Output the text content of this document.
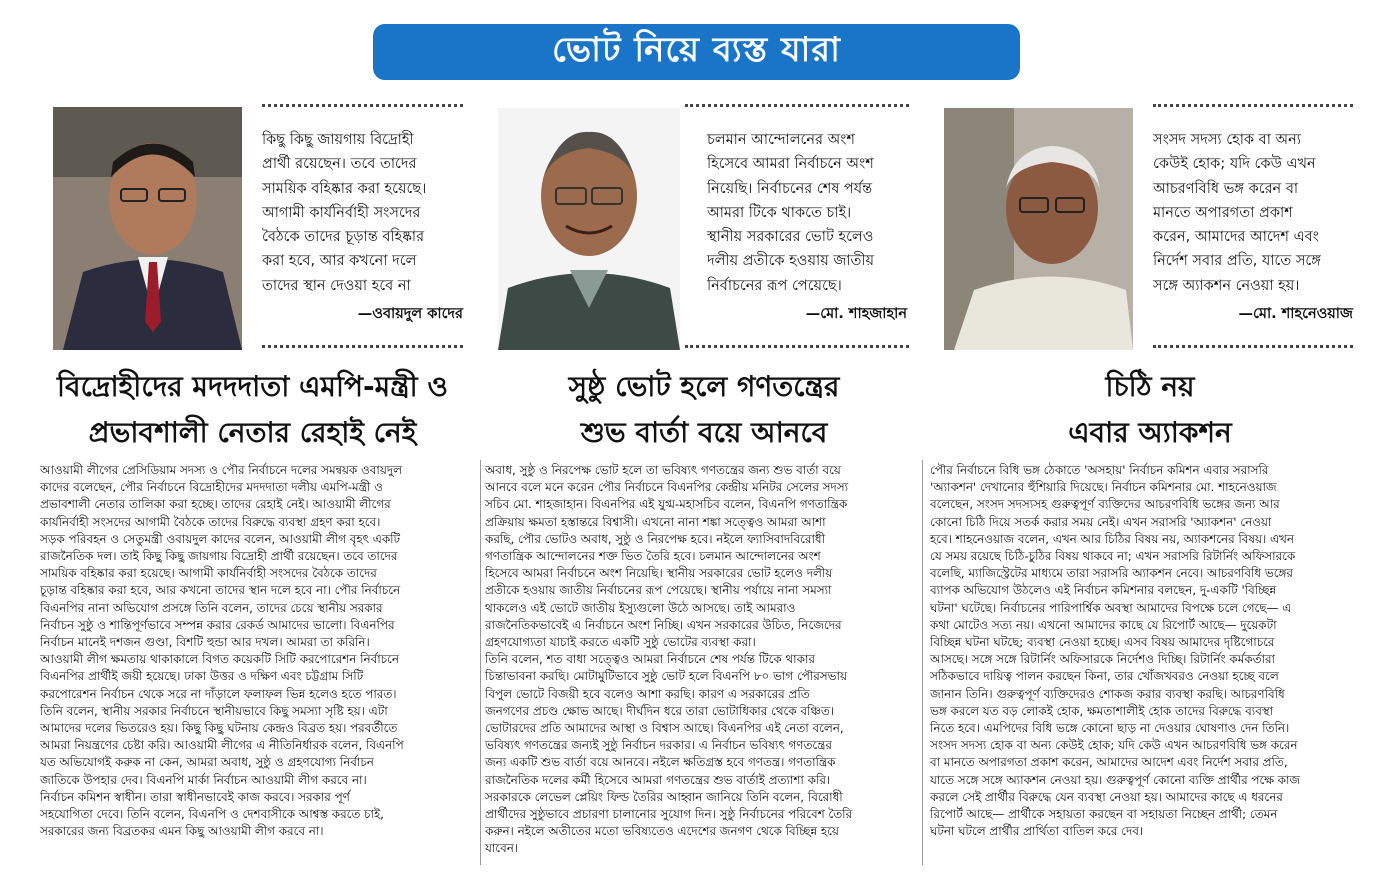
ভোট নিয়ে ব্যস্ত যারা
কিছু কিছু জায়গায় বিদ্রোহী
প্রার্থী রয়েছেন। তবে তাদের
সাময়িক বহিষ্কার করা হয়েছে।
আগামী কার্যনির্বাহী সংসদের
বৈঠকে তাদের চূড়ান্ত বহিষ্কার
করা হবে, আর কখনো দলে
তাদের স্থান দেওয়া হবে না
—ওবায়দুল কাদের
বিদ্রোহীদের মদদদাতা এমপি-মন্ত্রী ও
প্রভাবশালী নেতার রেহাই নেই
আওয়ামী লীগের প্রেসিডিয়াম সদস্য ও পৌর নির্বাচনে দলের সমন্বয়ক ওবায়দুল
কাদের বলেছেন, পৌর নির্বাচনে বিদ্রোহীদের মদদদাতা দলীয় এমপি-মন্ত্রী ও
প্রভাবশালী নেতার তালিকা করা হচ্ছে। তাদের রেহাই নেই। আওয়ামী লীগের
কার্যনির্বাহী সংসদের আগামী বৈঠকে তাদের বিরুদ্ধে ব্যবস্থা গ্রহণ করা হবে।
সড়ক পরিবহন ও সেতুমন্ত্রী ওবায়দুল কাদের বলেন, আওয়ামী লীগ বৃহৎ একটি
রাজনৈতিক দল। তাই কিছু কিছু জায়গায় বিদ্রোহী প্রার্থী রয়েছেন। তবে তাদের
সাময়িক বহিষ্কার করা হয়েছে। আগামী কার্যনির্বাহী সংসদের বৈঠকে তাদের
চূড়ান্ত বহিষ্কার করা হবে, আর কখনো তাদের স্থান দলে হবে না। পৌর নির্বাচনে
বিএনপির নানা অভিযোগ প্রসঙ্গে তিনি বলেন, তাদের চেয়ে স্থানীয় সরকার
নির্বাচন সুষ্ঠু ও শান্তিপূর্ণভাবে সম্পন্ন করার রেকর্ড আমাদের ভালো। বিএনপির
নির্বাচন মানেই দশজন গুণ্ডা, বিশটি হুন্ডা আর দখল। আমরা তা করিনি।
আওয়ামী লীগ ক্ষমতায় থাকাকালে বিগত কয়েকটি সিটি করপোরেশন নির্বাচনে
বিএনপির প্রার্থীই জয়ী হয়েছে। ঢাকা উত্তর ও দক্ষিণ এবং চট্টগ্রাম সিটি
করপোরেশন নির্বাচন থেকে সরে না দাঁড়ালে ফলাফল ভিন্ন হলেও হতে পারত।
তিনি বলেন, স্থানীয় সরকার নির্বাচনে স্থানীয়ভাবে কিছু সমস্যা সৃষ্টি হয়। এটা
আমাদের দলের ভিতরেও হয়। কিছু কিছু ঘটনায় কেন্দ্রও বিব্রত হয়। পরবর্তীতে
আমরা নিয়ন্ত্রণের চেষ্টা করি। আওয়ামী লীগের এ নীতিনির্ধারক বলেন, বিএনপি
যত অভিযোগই করুক না কেন, আমরা অবাধ, সুষ্ঠু ও গ্রহণযোগ্য নির্বাচন
জাতিকে উপহার দেব। বিএনপি মার্কা নির্বাচন আওয়ামী লীগ করবে না।
নির্বাচন কমিশন স্বাধীন। তারা স্বাধীনভাবেই কাজ করবে। সরকার পূর্ণ
সহযোগিতা দেবে। তিনি বলেন, বিএনপি ও দেশবাসীকে আশ্বস্ত করতে চাই,
সরকারের জন্য বিব্রতকর এমন কিছু আওয়ামী লীগ করবে না।
চলমান আন্দোলনের অংশ
হিসেবে আমরা নির্বাচনে অংশ
নিয়েছি। নির্বাচনের শেষ পর্যন্ত
আমরা টিকে থাকতে চাই।
স্থানীয় সরকারের ভোট হলেও
দলীয় প্রতীকে হওয়ায় জাতীয়
নির্বাচনের রূপ পেয়েছে।
—মো. শাহজাহান
সুষ্ঠু ভোট হলে গণতন্ত্রের
শুভ বার্তা বয়ে আনবে
অবাধ, সুষ্ঠু ও নিরপেক্ষ ভোট হলে তা ভবিষ্যৎ গণতন্ত্রের জন্য শুভ বার্তা বয়ে
আনবে বলে মনে করেন পৌর নির্বাচনে বিএনপির কেন্দ্রীয় মনিটর সেলের সদস্য
সচিব মো. শাহজাহান। বিএনপির এই যুগ্ম-মহাসচিব বলেন, বিএনপি গণতান্ত্রিক
প্রক্রিয়ায় ক্ষমতা হস্তান্তরে বিশ্বাসী। এখনো নানা শঙ্কা সত্ত্বেও আমরা আশা
করছি, পৌর ভোটও অবাধ, সুষ্ঠু ও নিরপেক্ষ হবে। নইলে ফ্যাসিবাদবিরোধী
গণতান্ত্রিক আন্দোলনের শক্ত ভিত তৈরি হবে। চলমান আন্দোলনের অংশ
হিসেবে আমরা নির্বাচনে অংশ নিয়েছি। স্থানীয় সরকারের ভোট হলেও দলীয়
প্রতীকে হওয়ায় জাতীয় নির্বাচনের রূপ পেয়েছে। স্থানীয় পর্যায়ে নানা সমস্যা
থাকলেও এই ভোটে জাতীয় ইস্যুগুলো উঠে আসছে। তাই আমরাও
রাজনৈতিকভাবেই এ নির্বাচনে অংশ নিচ্ছি। এখন সরকারের উচিত, নিজেদের
গ্রহণযোগ্যতা যাচাই করতে একটি সুষ্ঠু ভোটের ব্যবস্থা করা।
তিনি বলেন, শত বাধা সত্ত্বেও আমরা নির্বাচনে শেষ পর্যন্ত টিকে থাকার
চিন্তাভাবনা করছি। মোটামুটিভাবে সুষ্ঠু ভোট হলে বিএনপি ৮০ ভাগ পৌরসভায়
বিপুল ভোটে বিজয়ী হবে বলেও আশা করছি। কারণ এ সরকারের প্রতি
জনগণের প্রচণ্ড ক্ষোভ আছে। দীর্ঘদিন ধরে তারা ভোটাধিকার থেকে বঞ্চিত।
ভোটারদের প্রতি আমাদের আস্থা ও বিশ্বাস আছে। বিএনপির এই নেতা বলেন,
ভবিষ্যৎ গণতন্ত্রের জন্যই সুষ্ঠু নির্বাচন দরকার। এ নির্বাচন ভবিষ্যৎ গণতন্ত্রের
জন্য একটি শুভ বার্তা বয়ে আনবে। নইলে ক্ষতিগ্রস্ত হবে গণতন্ত্র। গণতান্ত্রিক
রাজনৈতিক দলের কর্মী হিসেবে আমরা গণতন্ত্রের শুভ বার্তাই প্রত্যাশা করি।
সরকারকে লেভেল প্লেয়িং ফিল্ড তৈরির আহ্বান জানিয়ে তিনি বলেন, বিরোধী
প্রার্থীদের সুষ্ঠুভাবে প্রচারণা চালানোর সুযোগ দিন। সুষ্ঠু নির্বাচনের পরিবেশ তৈরি
করুন। নইলে অতীতের মতো ভবিষ্যতেও এদেশের জনগণ থেকে বিচ্ছিন্ন হয়ে
যাবেন।
সংসদ সদস্য হোক বা অন্য
কেউই হোক; যদি কেউ এখন
আচরণবিধি ভঙ্গ করেন বা
মানতে অপারগতা প্রকাশ
করেন, আমাদের আদেশ এবং
নির্দেশ সবার প্রতি, যাতে সঙ্গে
সঙ্গে অ্যাকশন নেওয়া হয়।
—মো. শাহনেওয়াজ
চিঠি নয়
এবার অ্যাকশন
পৌর নির্বাচনে বিধি ভঙ্গ ঠেকাতে 'অসহায়' নির্বাচন কমিশন এবার সরাসরি
'অ্যাকশন' দেখানোর হুঁশিয়ারি দিয়েছে। নির্বাচন কমিশনার মো. শাহনেওয়াজ
বলেছেন, সংসদ সদস্যসহ গুরুত্বপূর্ণ ব্যক্তিদের আচরণবিধি ভঙ্গের জন্য আর
কোনো চিঠি দিয়ে সতর্ক করার সময় নেই। এখন সরাসরি 'অ্যাকশন' নেওয়া
হবে। শাহনেওয়াজ বলেন, এখন আর চিঠির বিষয় নয়, অ্যাকশনের বিষয়। এখন
যে সময় রয়েছে চিঠি-চুঠির বিষয় থাকবে না; এখন সরাসরি রিটার্নিং অফিসারকে
বলেছি, ম্যাজিস্ট্রেটের মাধ্যমে তারা সরাসরি অ্যাকশন নেবে। আচরণবিধি ভঙ্গের
ব্যাপক অভিযোগ উঠলেও এই নির্বাচন কমিশনার বলছেন, দু-একটি 'বিচ্ছিন্ন
ঘটনা' ঘটেছে। নির্বাচনের পারিপার্শ্বিক অবস্থা আমাদের বিপক্ষে চলে গেছে— এ
কথা মোটেও সত্য নয়। এখনো আমাদের কাছে যে রিপোর্ট আছে— দুয়েকটা
বিচ্ছিন্ন ঘটনা ঘটছে; ব্যবস্থা নেওয়া হচ্ছে। এসব বিষয় আমাদের দৃষ্টিগোচরে
আসছে। সঙ্গে সঙ্গে রিটার্নিং অফিসারকে নির্দেশও দিচ্ছি। রিটার্নিং কর্মকর্তারা
সঠিকভাবে দায়িত্ব পালন করছেন কিনা, তার খোঁজখবরও নেওয়া হচ্ছে বলে
জানান তিনি। গুরুত্বপূর্ণ ব্যক্তিদেরও শোকজ করার ব্যবস্থা করছি। আচরণবিধি
ভঙ্গ করলে যত বড় লোকই হোক, ক্ষমতাশালীই হোক তাদের বিরুদ্ধে ব্যবস্থা
নিতে হবে। এমপিদের বিধি ভঙ্গে কোনো ছাড় না দেওয়ার ঘোষণাও দেন তিনি।
সংসদ সদস্য হোক বা অন্য কেউই হোক; যদি কেউ এখন আচরণবিধি ভঙ্গ করেন
বা মানতে অপারগতা প্রকাশ করেন, আমাদের আদেশ এবং নির্দেশ সবার প্রতি,
যাতে সঙ্গে সঙ্গে অ্যাকশন নেওয়া হয়। গুরুত্বপূর্ণ কোনো ব্যক্তি প্রার্থীর পক্ষে কাজ
করলে সেই প্রার্থীর বিরুদ্ধে যেন ব্যবস্থা নেওয়া হয়। আমাদের কাছে এ ধরনের
রিপোর্ট আছে— প্রার্থীকে সহায়তা করছেন বা সহায়তা নিচ্ছেন প্রার্থী; তেমন
ঘটনা ঘটলে প্রার্থীর প্রার্থিতা বাতিল করে দেব।
